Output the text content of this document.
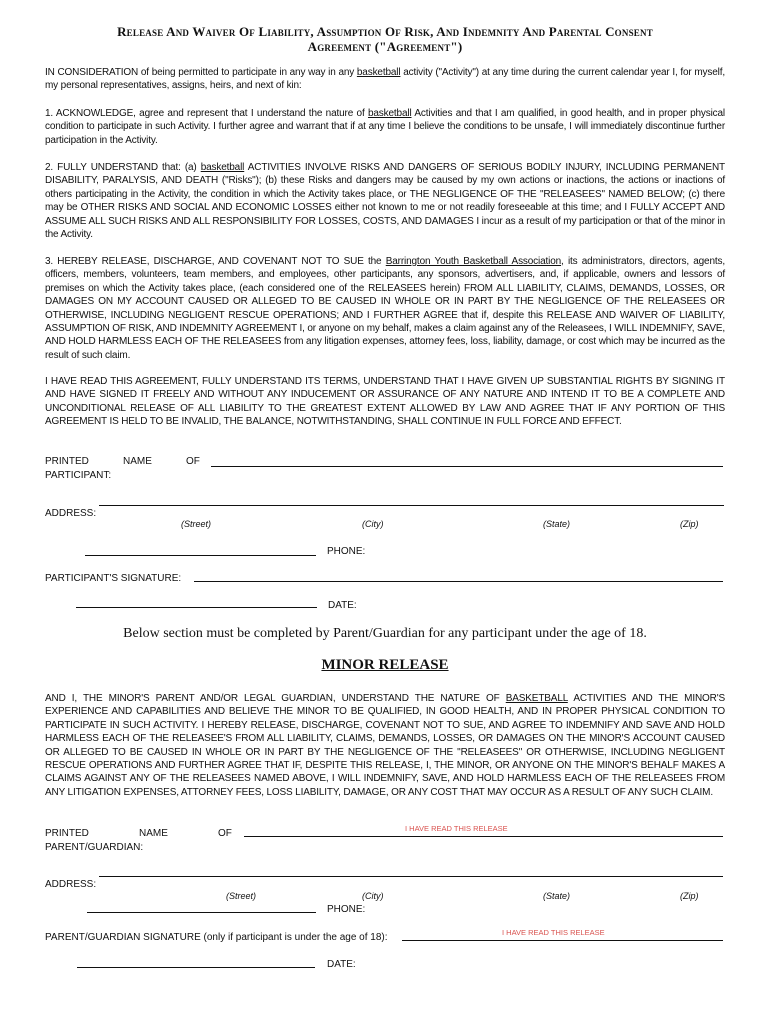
Release And Waiver Of Liability, Assumption Of Risk, And Indemnity And Parental Consent
Agreement ("Agreement")
IN CONSIDERATION of being permitted to participate in any way in any basketball activity ("Activity") at any time during the current calendar year I, for myself, my personal representatives, assigns, heirs, and next of kin:
1. ACKNOWLEDGE, agree and represent that I understand the nature of basketball Activities and that I am qualified, in good health, and in proper physical condition to participate in such Activity. I further agree and warrant that if at any time I believe the conditions to be unsafe, I will immediately discontinue further participation in the Activity.
2. FULLY UNDERSTAND that: (a) basketball ACTIVITIES INVOLVE RISKS AND DANGERS OF SERIOUS BODILY INJURY, INCLUDING PERMANENT DISABILITY, PARALYSIS, AND DEATH ("Risks"); (b) these Risks and dangers may be caused by my own actions or inactions, the actions or inactions of others participating in the Activity, the condition in which the Activity takes place, or THE NEGLIGENCE OF THE "RELEASEES" NAMED BELOW; (c) there may be OTHER RISKS AND SOCIAL AND ECONOMIC LOSSES either not known to me or not readily foreseeable at this time; and I FULLY ACCEPT AND ASSUME ALL SUCH RISKS AND ALL RESPONSIBILITY FOR LOSSES, COSTS, AND DAMAGES I incur as a result of my participation or that of the minor in the Activity.
3. HEREBY RELEASE, DISCHARGE, AND COVENANT NOT TO SUE the Barrington Youth Basketball Association, its administrators, directors, agents, officers, members, volunteers, team members, and employees, other participants, any sponsors, advertisers, and, if applicable, owners and lessors of premises on which the Activity takes place, (each considered one of the RELEASEES herein) FROM ALL LIABILITY, CLAIMS, DEMANDS, LOSSES, OR DAMAGES ON MY ACCOUNT CAUSED OR ALLEGED TO BE CAUSED IN WHOLE OR IN PART BY THE NEGLIGENCE OF THE RELEASEES OR OTHERWISE, INCLUDING NEGLIGENT RESCUE OPERATIONS; AND I FURTHER AGREE that if, despite this RELEASE AND WAIVER OF LIABILITY, ASSUMPTION OF RISK, AND INDEMNITY AGREEMENT I, or anyone on my behalf, makes a claim against any of the Releasees, I WILL INDEMNIFY, SAVE, AND HOLD HARMLESS EACH OF THE RELEASEES from any litigation expenses, attorney fees, loss, liability, damage, or cost which may be incurred as the result of such claim.
I HAVE READ THIS AGREEMENT, FULLY UNDERSTAND ITS TERMS, UNDERSTAND THAT I HAVE GIVEN UP SUBSTANTIAL RIGHTS BY SIGNING IT AND HAVE SIGNED IT FREELY AND WITHOUT ANY INDUCEMENT OR ASSURANCE OF ANY NATURE AND INTEND IT TO BE A COMPLETE AND UNCONDITIONAL RELEASE OF ALL LIABILITY TO THE GREATEST EXTENT ALLOWED BY LAW AND AGREE THAT IF ANY PORTION OF THIS AGREEMENT IS HELD TO BE INVALID, THE BALANCE, NOTWITHSTANDING, SHALL CONTINUE IN FULL FORCE AND EFFECT.
PRINTED	NAME	OF
PARTICIPANT:
ADDRESS:
(Street)	(City)	(State)	(Zip)
PHONE:
PARTICIPANT'S SIGNATURE:
DATE:
Below section must be completed by Parent/Guardian for any participant under the age of 18.
MINOR RELEASE
AND I, THE MINOR'S PARENT AND/OR LEGAL GUARDIAN, UNDERSTAND THE NATURE OF BASKETBALL ACTIVITIES AND THE MINOR'S EXPERIENCE AND CAPABILITIES AND BELIEVE THE MINOR TO BE QUALIFIED, IN GOOD HEALTH, AND IN PROPER PHYSICAL CONDITION TO PARTICIPATE IN SUCH ACTIVITY. I HEREBY RELEASE, DISCHARGE, COVENANT NOT TO SUE, AND AGREE TO INDEMNIFY AND SAVE AND HOLD HARMLESS EACH OF THE RELEASEE'S FROM ALL LIABILITY, CLAIMS, DEMANDS, LOSSES, OR DAMAGES ON THE MINOR'S ACCOUNT CAUSED OR ALLEGED TO BE CAUSED IN WHOLE OR IN PART BY THE NEGLIGENCE OF THE "RELEASEES" OR OTHERWISE, INCLUDING NEGLIGENT RESCUE OPERATIONS AND FURTHER AGREE THAT IF, DESPITE THIS RELEASE, I, THE MINOR, OR ANYONE ON THE MINOR'S BEHALF MAKES A CLAIMS AGAINST ANY OF THE RELEASEES NAMED ABOVE, I WILL INDEMNIFY, SAVE, AND HOLD HARMLESS EACH OF THE RELEASEES FROM ANY LITIGATION EXPENSES, ATTORNEY FEES, LOSS LIABILITY, DAMAGE, OR ANY COST THAT MAY OCCUR AS A RESULT OF ANY SUCH CLAIM.
PRINTED	NAME	OF
PARENT/GUARDIAN:
I HAVE READ THIS RELEASE
ADDRESS:
(Street)	(City)	(State)	(Zip)
PHONE:
PARENT/GUARDIAN SIGNATURE (only if participant is under the age of 18):	I HAVE READ THIS RELEASE
DATE:
